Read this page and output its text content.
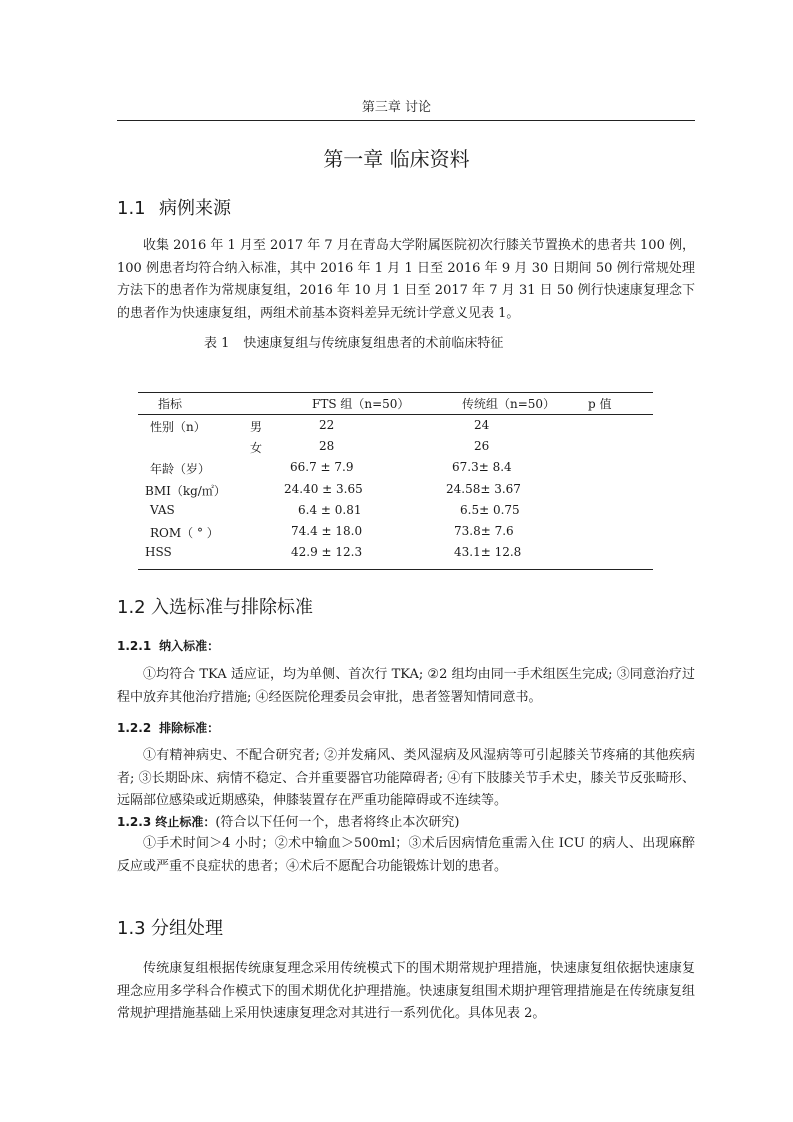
第三章 讨论
第一章 临床资料
1.1 病例来源
收集 2016 年 1 月至 2017 年 7 月在青岛大学附属医院初次行膝关节置换术的患者共 100 例，100 例患者均符合纳入标准，其中 2016 年 1 月 1 日至 2016 年 9 月 30 日期间 50 例行常规处理方法下的患者作为常规康复组，2016 年 10 月 1 日至 2017 年 7 月 31 日 50 例行快速康复理念下的患者作为快速康复组，两组术前基本资料差异无统计学意义见表 1。
表 1 快速康复组与传统康复组患者的术前临床特征
指标	FTS 组（n=50）	传统组（n=50）	p 值
性别（n）	男	22	24
女	28	26
年龄（岁）	66.7 ± 7.9	67.3± 8.4
BMI（kg/㎡）	24.40 ± 3.65	24.58± 3.67
VAS	6.4 ± 0.81	6.5± 0.75
ROM（ ° ）	74.4 ± 18.0	73.8± 7.6
HSS	42.9 ± 12.3	43.1± 12.8
1.2 入选标准与排除标准
1.2.1 纳入标准：
①均符合 TKA 适应证，均为单侧、首次行 TKA; ②2 组均由同一手术组医生完成; ③同意治疗过程中放弃其他治疗措施; ④经医院伦理委员会审批，患者签署知情同意书。
1.2.2 排除标准：
①有精神病史、不配合研究者; ②并发痛风、类风湿病及风湿病等可引起膝关节疼痛的其他疾病者; ③长期卧床、病情不稳定、合并重要器官功能障碍者; ④有下肢膝关节手术史，膝关节反张畸形、远隔部位感染或近期感染，伸膝装置存在严重功能障碍或不连续等。
1.2.3 终止标准：(符合以下任何一个，患者将终止本次研究)
①手术时间＞4 小时；②术中输血＞500ml；③术后因病情危重需入住 ICU 的病人、出现麻醉反应或严重不良症状的患者；④术后不愿配合功能锻炼计划的患者。
1.3 分组处理
传统康复组根据传统康复理念采用传统模式下的围术期常规护理措施，快速康复组依据快速康复理念应用多学科合作模式下的围术期优化护理措施。快速康复组围术期护理管理措施是在传统康复组常规护理措施基础上采用快速康复理念对其进行一系列优化。具体见表 2。
